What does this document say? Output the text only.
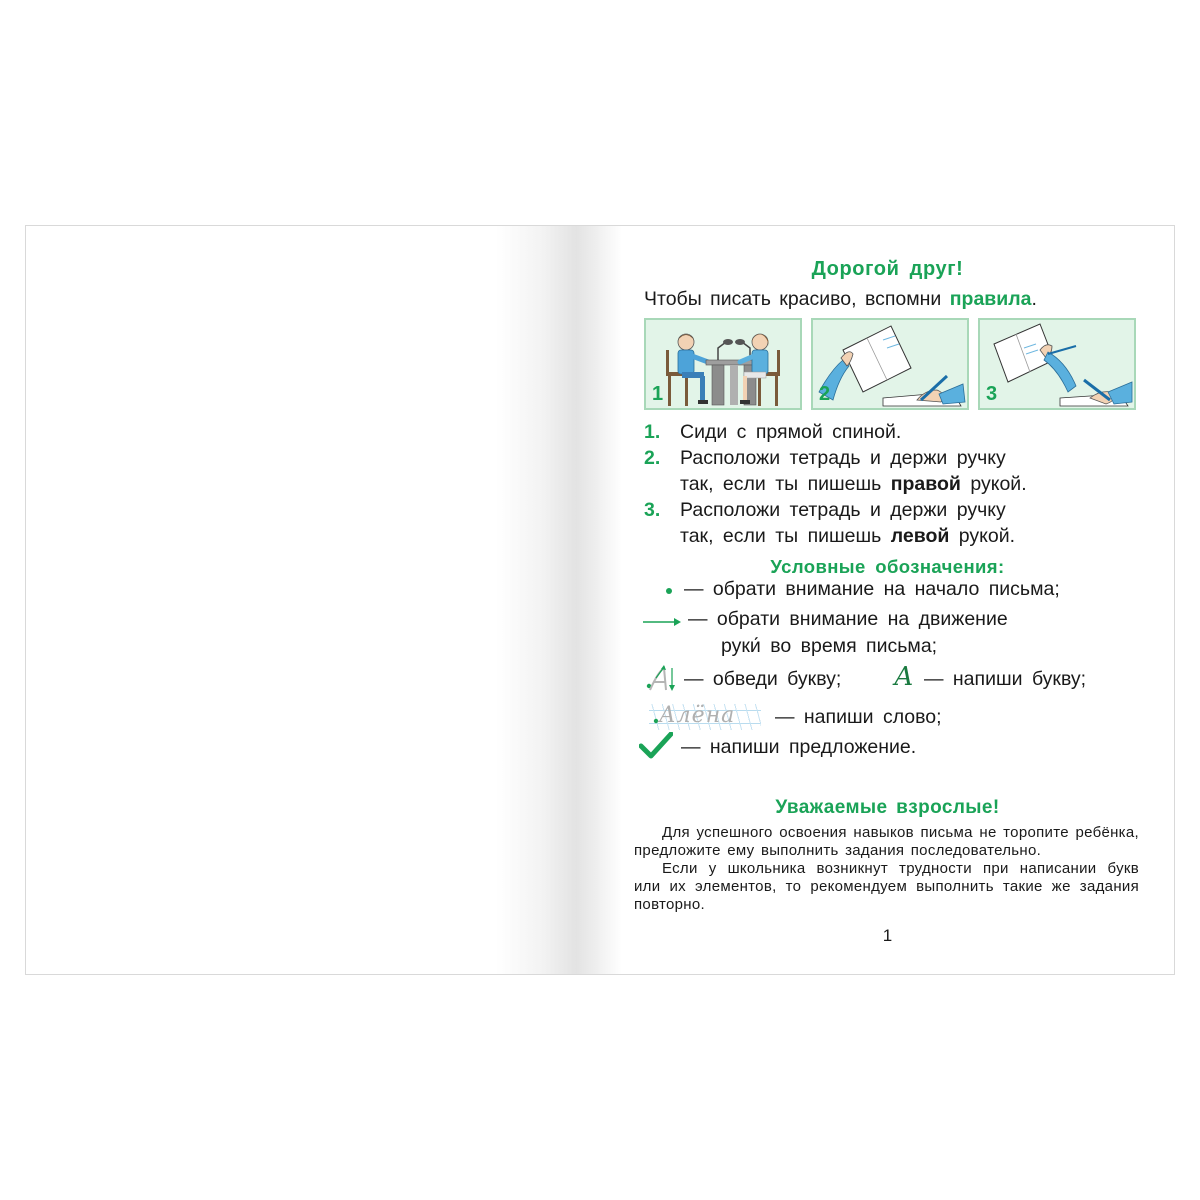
Дорогой друг!
Чтобы писать красиво, вспомни правила.
1	2	3
1. Сиди с прямой спиной.
2. Расположи тетрадь и держи ручку
так, если ты пишешь правой рукой.
3. Расположи тетрадь и держи ручку
так, если ты пишешь левой рукой.
Условные обозначения:
— обрати внимание на начало письма;
— обрати внимание на движение
руки́ во время письма;
— обведи букву; А — напиши букву;
Алёна — напиши слово;
— напиши предложение.
Уважаемые взрослые!

Для успешного освоения навыков письма не торопите ребёнка, предложите ему выполнить задания последовательно.

Если у школьника возникнут трудности при написании букв или их элементов, то рекомендуем выполнить такие же задания повторно.

1
